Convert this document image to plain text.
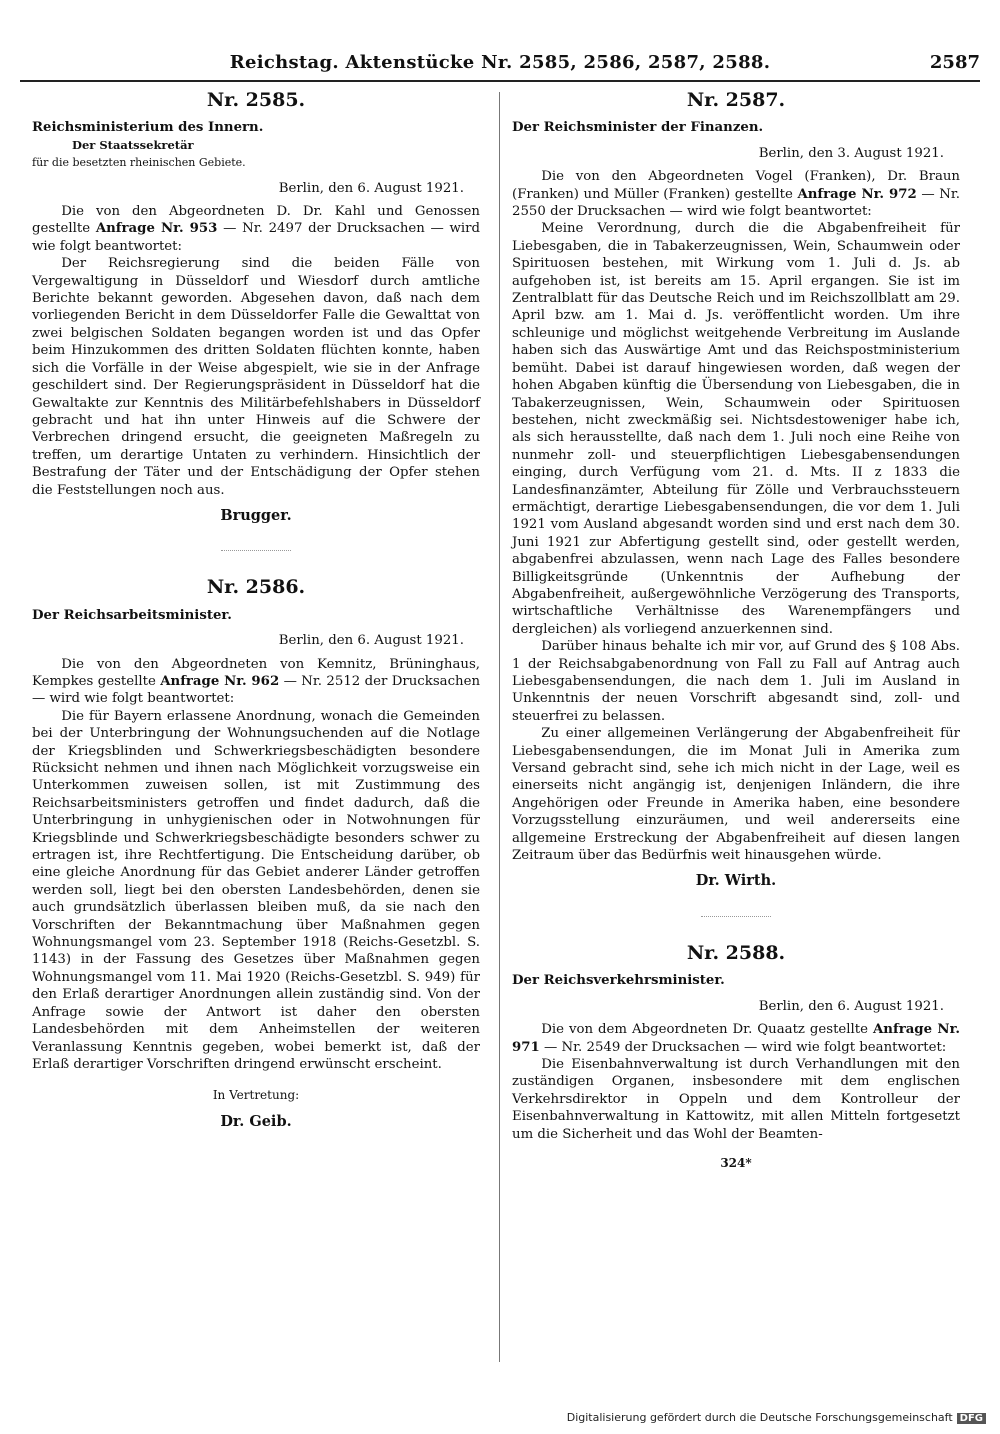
Reichstag. Aktenstücke Nr. 2585, 2586, 2587, 2588.	2587
Nr. 2585.
Reichsministerium des Innern.
Der Staatssekretär
für die besetzten rheinischen Gebiete.
Berlin, den 6. August 1921.

Die von den Abgeordneten D. Dr. Kahl und Genossen gestellte Anfrage Nr. 953 — Nr. 2497 der Drucksachen — wird wie folgt beantwortet:

Der Reichsregierung sind die beiden Fälle von Vergewaltigung in Düsseldorf und Wiesdorf durch amtliche Berichte bekannt geworden. Abgesehen davon, daß nach dem vorliegenden Bericht in dem Düsseldorfer Falle die Gewalttat von zwei belgischen Soldaten begangen worden ist und das Opfer beim Hinzukommen des dritten Soldaten flüchten konnte, haben sich die Vorfälle in der Weise abgespielt, wie sie in der Anfrage geschildert sind. Der Regierungspräsident in Düsseldorf hat die Gewaltakte zur Kenntnis des Militärbefehlshabers in Düsseldorf gebracht und hat ihn unter Hinweis auf die Schwere der Verbrechen dringend ersucht, die geeigneten Maßregeln zu treffen, um derartige Untaten zu verhindern. Hinsichtlich der Bestrafung der Täter und der Entschädigung der Opfer stehen die Feststellungen noch aus.

Brugger.
Nr. 2586.
Der Reichsarbeitsminister.
Berlin, den 6. August 1921.

Die von den Abgeordneten von Kemnitz, Brüninghaus, Kempkes gestellte Anfrage Nr. 962 — Nr. 2512 der Drucksachen — wird wie folgt beantwortet:

Die für Bayern erlassene Anordnung, wonach die Gemeinden bei der Unterbringung der Wohnungsuchenden auf die Notlage der Kriegsblinden und Schwerkriegsbeschädigten besondere Rücksicht nehmen und ihnen nach Möglichkeit vorzugsweise ein Unterkommen zuweisen sollen, ist mit Zustimmung des Reichsarbeitsministers getroffen und findet dadurch, daß die Unterbringung in unhygienischen oder in Notwohnungen für Kriegsblinde und Schwerkriegsbeschädigte besonders schwer zu ertragen ist, ihre Rechtfertigung. Die Entscheidung darüber, ob eine gleiche Anordnung für das Gebiet anderer Länder getroffen werden soll, liegt bei den obersten Landesbehörden, denen sie auch grundsätzlich überlassen bleiben muß, da sie nach den Vorschriften der Bekanntmachung über Maßnahmen gegen Wohnungsmangel vom 23. September 1918 (Reichs-Gesetzbl. S. 1143) in der Fassung des Gesetzes über Maßnahmen gegen Wohnungsmangel vom 11. Mai 1920 (Reichs-Gesetzbl. S. 949) für den Erlaß derartiger Anordnungen allein zuständig sind. Von der Anfrage sowie der Antwort ist daher den obersten Landesbehörden mit dem Anheimstellen der weiteren Veranlassung Kenntnis gegeben, wobei bemerkt ist, daß der Erlaß derartiger Vorschriften dringend erwünscht erscheint.

In Vertretung:
Dr. Geib.
Nr. 2587.
Der Reichsminister der Finanzen.
Berlin, den 3. August 1921.

Die von den Abgeordneten Vogel (Franken), Dr. Braun (Franken) und Müller (Franken) gestellte Anfrage Nr. 972 — Nr. 2550 der Drucksachen — wird wie folgt beantwortet:

Meine Verordnung, durch die die Abgabenfreiheit für Liebesgaben, die in Tabakerzeugnissen, Wein, Schaumwein oder Spirituosen bestehen, mit Wirkung vom 1. Juli d. Js. ab aufgehoben ist, ist bereits am 15. April ergangen. Sie ist im Zentralblatt für das Deutsche Reich und im Reichszollblatt am 29. April bzw. am 1. Mai d. Js. veröffentlicht worden. Um ihre schleunige und möglichst weitgehende Verbreitung im Auslande haben sich das Auswärtige Amt und das Reichspostministerium bemüht. Dabei ist darauf hingewiesen worden, daß wegen der hohen Abgaben künftig die Übersendung von Liebesgaben, die in Tabakerzeugnissen, Wein, Schaumwein oder Spirituosen bestehen, nicht zweckmäßig sei. Nichtsdestoweniger habe ich, als sich herausstellte, daß nach dem 1. Juli noch eine Reihe von nunmehr zoll- und steuerpflichtigen Liebesgabensendungen einging, durch Verfügung vom 21. d. Mts. II z 1833 die Landesfinanzämter, Abteilung für Zölle und Verbrauchssteuern ermächtigt, derartige Liebesgabensendungen, die vor dem 1. Juli 1921 vom Ausland abgesandt worden sind und erst nach dem 30. Juni 1921 zur Abfertigung gestellt sind, oder gestellt werden, abgabenfrei abzulassen, wenn nach Lage des Falles besondere Billigkeitsgründe (Unkenntnis der Aufhebung der Abgabenfreiheit, außergewöhnliche Verzögerung des Transports, wirtschaftliche Verhältnisse des Warenempfängers und dergleichen) als vorliegend anzuerkennen sind.

Darüber hinaus behalte ich mir vor, auf Grund des § 108 Abs. 1 der Reichsabgabenordnung von Fall zu Fall auf Antrag auch Liebesgabensendungen, die nach dem 1. Juli im Ausland in Unkenntnis der neuen Vorschrift abgesandt sind, zoll- und steuerfrei zu belassen.

Zu einer allgemeinen Verlängerung der Abgabenfreiheit für Liebesgabensendungen, die im Monat Juli in Amerika zum Versand gebracht sind, sehe ich mich nicht in der Lage, weil es einerseits nicht angängig ist, denjenigen Inländern, die ihre Angehörigen oder Freunde in Amerika haben, eine besondere Vorzugsstellung einzuräumen, und weil andererseits eine allgemeine Erstreckung der Abgabenfreiheit auf diesen langen Zeitraum über das Bedürfnis weit hinausgehen würde.

Dr. Wirth.
Nr. 2588.
Der Reichsverkehrsminister.
Berlin, den 6. August 1921.

Die von dem Abgeordneten Dr. Quaatz gestellte Anfrage Nr. 971 — Nr. 2549 der Drucksachen — wird wie folgt beantwortet:

Die Eisenbahnverwaltung ist durch Verhandlungen mit den zuständigen Organen, insbesondere mit dem englischen Verkehrsdirektor in Oppeln und dem Kontrolleur der Eisenbahnverwaltung in Kattowitz, mit allen Mitteln fortgesetzt um die Sicherheit und das Wohl der Beamten-

324*
Digitalisierung gefördert durch die Deutsche Forschungsgemeinschaft DFG
